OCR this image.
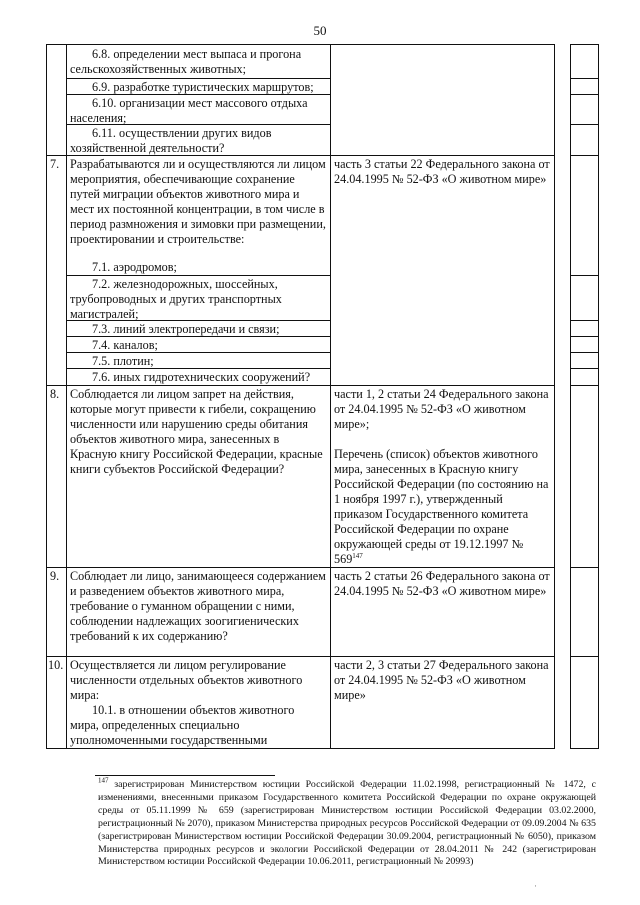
50
6.8. определении мест выпаса и прогона сельскохозяйственных животных;
6.9. разработке туристических маршрутов;
6.10. организации мест массового отдыха населения;
6.11. осуществлении других видов хозяйственной деятельности?
7. Разрабатываются ли и осуществляются ли лицом мероприятия, обеспечивающие сохранение путей миграции объектов животного мира и мест их постоянной концентрации, в том числе в период размножения и зимовки при размещении, проектировании и строительстве:
7.1. аэродромов;
7.2. железнодорожных, шоссейных, трубопроводных и других транспортных магистралей;
7.3. линий электропередачи и связи;
7.4. каналов;
7.5. плотин;
7.6. иных гидротехнических сооружений?
часть 3 статьи 22 Федерального закона от 24.04.1995 № 52-ФЗ «О животном мире»
8. Соблюдается ли лицом запрет на действия, которые могут привести к гибели, сокращению численности или нарушению среды обитания объектов животного мира, занесенных в Красную книгу Российской Федерации, красные книги субъектов Российской Федерации?
части 1, 2 статьи 24 Федерального закона от 24.04.1995 № 52-ФЗ «О животном мире»;
Перечень (список) объектов животного мира, занесенных в Красную книгу Российской Федерации (по состоянию на 1 ноября 1997 г.), утвержденный приказом Государственного комитета Российской Федерации по охране окружающей среды от 19.12.1997 № $569^{147}$
9. Соблюдает ли лицо, занимающееся содержанием и разведением объектов животного мира, требование о гуманном обращении с ними, соблюдении надлежащих зоогигиенических требований к их содержанию?
часть 2 статьи 26 Федерального закона от 24.04.1995 № 52-ФЗ «О животном мире»
10. Осуществляется ли лицом регулирование численности отдельных объектов животного мира:
10.1. в отношении объектов животного мира, определенных специально уполномоченными государственными
части 2, 3 статьи 27 Федерального закона от 24.04.1995 № 52-ФЗ «О животном мире»
$^{147}$ зарегистрирован Министерством юстиции Российской Федерации 11.02.1998, регистрационный № 1472, с изменениями, внесенными приказом Государственного комитета Российской Федерации по охране окружающей среды от 05.11.1999 № 659 (зарегистрирован Министерством юстиции Российской Федерации 03.02.2000, регистрационный № 2070), приказом Министерства природных ресурсов Российской Федерации от 09.09.2004 № 635 (зарегистрирован Министерством юстиции Российской Федерации 30.09.2004, регистрационный № 6050), приказом Министерства природных ресурсов и экологии Российской Федерации от 28.04.2011 № 242 (зарегистрирован Министерством юстиции Российской Федерации 10.06.2011, регистрационный № 20993)
·
